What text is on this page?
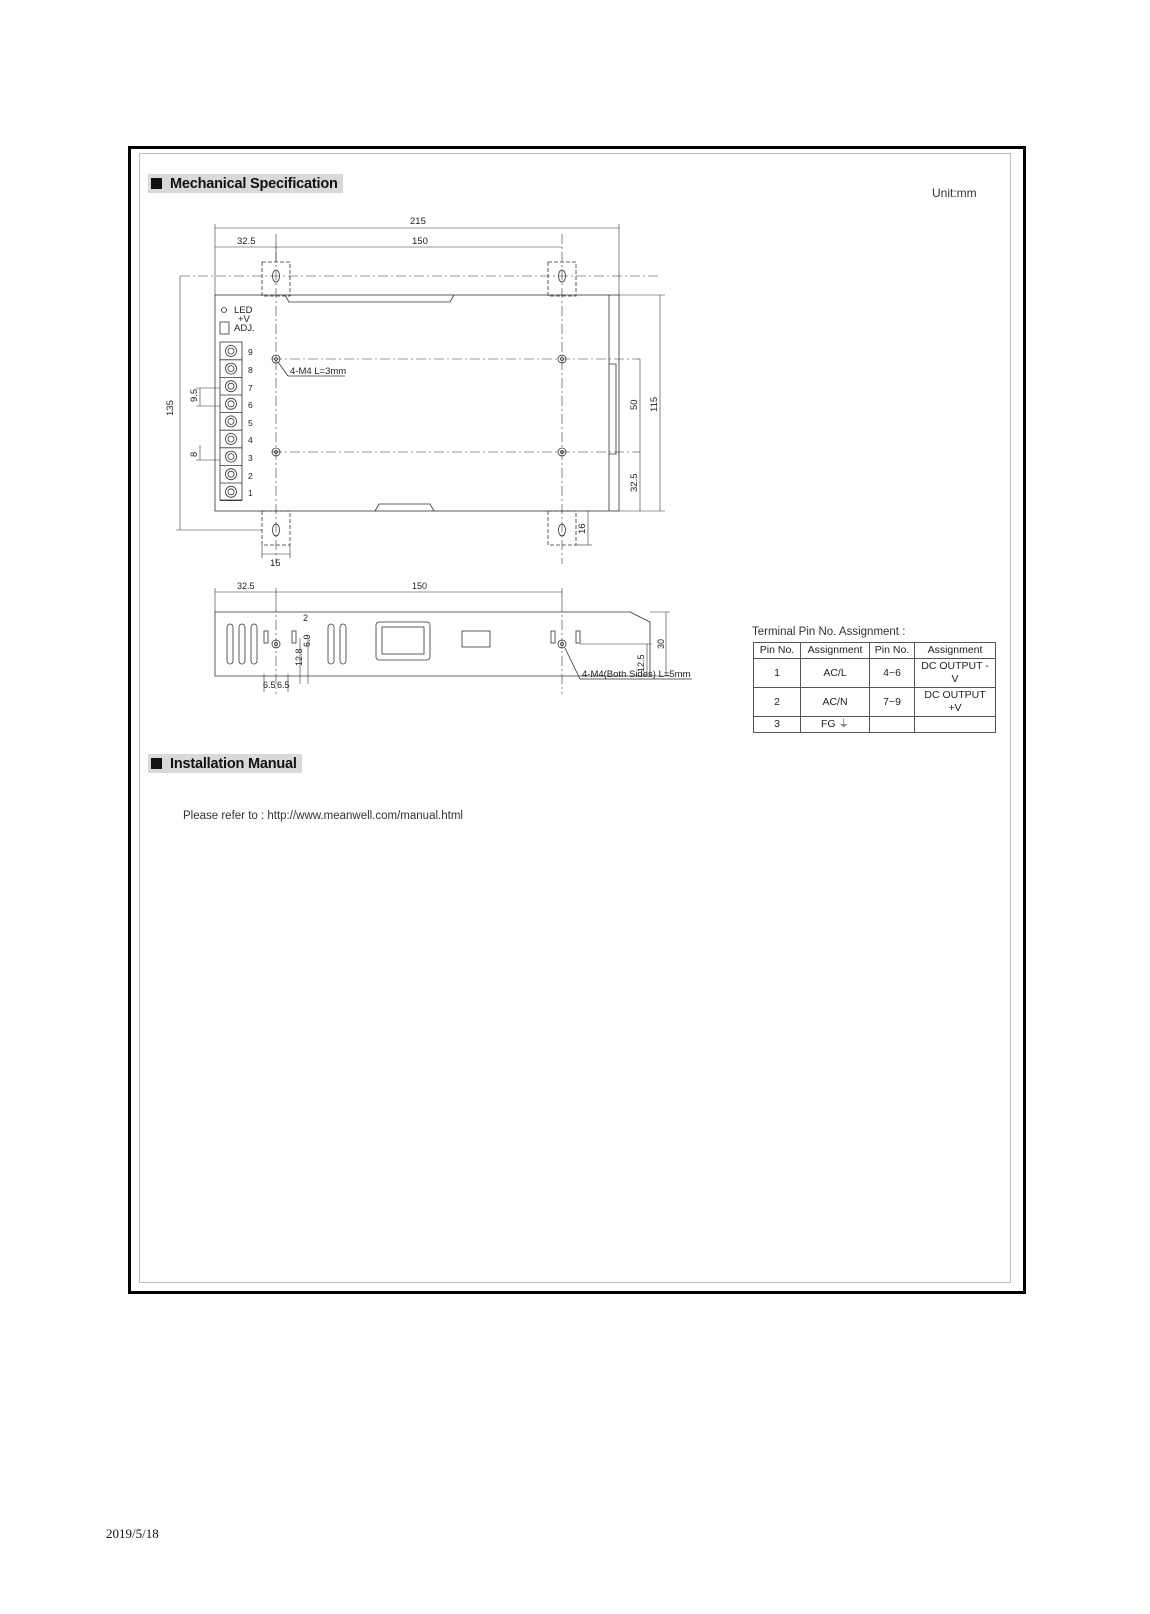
Mechanical Specification
Unit:mm
4-M4 L=3mm
LED
+V
ADJ.
9
8
7
6
5
4
3
2
1
215
32.5	150
135	115
50
32.5
16
15
9.5
8
4-M4(Both Sides) L=5mm
32.5	150
2
6.9
12.8
6.5 6.5
12.5
30
Terminal Pin No. Assignment :
Pin No.	Assignment	Pin No.	Assignment
1	AC/L	4~6	DC OUTPUT -V
2	AC/N	7~9	DC OUTPUT +V
3	FG ⏚		
Installation Manual
Please refer to : http://www.meanwell.com/manual.html
2019/5/18
